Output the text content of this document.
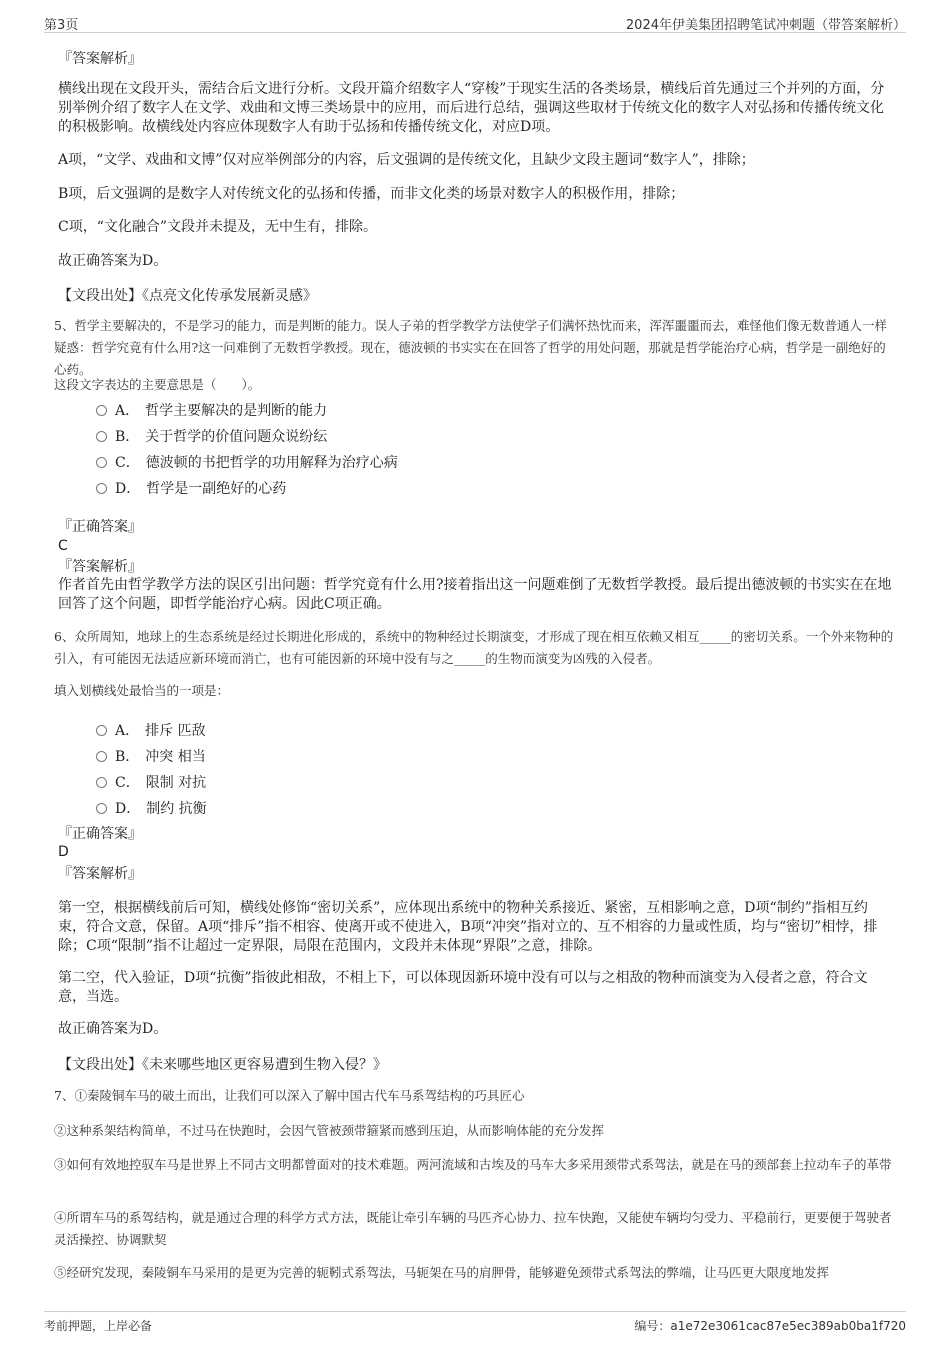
第3页	2024年伊美集团招聘笔试冲刺题（带答案解析）
『答案解析』
横线出现在文段开头，需结合后文进行分析。文段开篇介绍数字人“穿梭”于现实生活的各类场景，横线后首先通过三个并列的方面，分别举例介绍了数字人在文学、戏曲和文博三类场景中的应用，而后进行总结，强调这些取材于传统文化的数字人对弘扬和传播传统文化的积极影响。故横线处内容应体现数字人有助于弘扬和传播传统文化，对应D项。
A项，“文学、戏曲和文博”仅对应举例部分的内容，后文强调的是传统文化，且缺少文段主题词“数字人”，排除；
B项，后文强调的是数字人对传统文化的弘扬和传播，而非文化类的场景对数字人的积极作用，排除；
C项，“文化融合”文段并未提及，无中生有，排除。
故正确答案为D。
【文段出处】《点亮文化传承发展新灵感》
5、哲学主要解决的，不是学习的能力，而是判断的能力。误人子弟的哲学教学方法使学子们满怀热忱而来，浑浑噩噩而去，难怪他们像无数普通人一样疑惑：哲学究竟有什么用?这一问难倒了无数哲学教授。现在，德波顿的书实实在在回答了哲学的用处问题，那就是哲学能治疗心病，哲学是一副绝好的心药。
这段文字表达的主要意思是（　　）。
A． 哲学主要解决的是判断的能力
B． 关于哲学的价值问题众说纷纭
C． 德波顿的书把哲学的功用解释为治疗心病
D． 哲学是一副绝好的心药
『正确答案』
C
『答案解析』
作者首先由哲学教学方法的误区引出问题：哲学究竟有什么用?接着指出这一问题难倒了无数哲学教授。最后提出德波顿的书实实在在地回答了这个问题，即哲学能治疗心病。因此C项正确。
6、众所周知，地球上的生态系统是经过长期进化形成的，系统中的物种经过长期演变，才形成了现在相互依赖又相互_____的密切关系。一个外来物种的引入，有可能因无法适应新环境而消亡，也有可能因新的环境中没有与之_____的生物而演变为凶残的入侵者。
填入划横线处最恰当的一项是：
A． 排斥 匹敌
B． 冲突 相当
C． 限制 对抗
D． 制约 抗衡
『正确答案』
D
『答案解析』
第一空，根据横线前后可知，横线处修饰“密切关系”，应体现出系统中的物种关系接近、紧密，互相影响之意，D项“制约”指相互约束，符合文意，保留。A项“排斥”指不相容、使离开或不使进入，B项“冲突”指对立的、互不相容的力量或性质，均与“密切”相悖，排除；C项“限制”指不让超过一定界限，局限在范围内，文段并未体现“界限”之意，排除。
第二空，代入验证，D项“抗衡”指彼此相敌，不相上下，可以体现因新环境中没有可以与之相敌的物种而演变为入侵者之意，符合文意，当选。
故正确答案为D。
【文段出处】《未来哪些地区更容易遭到生物入侵？》
7、①秦陵铜车马的破土而出，让我们可以深入了解中国古代车马系驾结构的巧具匠心
②这种系架结构简单，不过马在快跑时，会因气管被颈带箍紧而感到压迫，从而影响体能的充分发挥
③如何有效地控驭车马是世界上不同古文明都曾面对的技术难题。两河流域和古埃及的马车大多采用颈带式系驾法，就是在马的颈部套上拉动车子的革带
④所谓车马的系驾结构，就是通过合理的科学方式方法，既能让牵引车辆的马匹齐心协力、拉车快跑，又能使车辆均匀受力、平稳前行，更要便于驾驶者灵活操控、协调默契
⑤经研究发现，秦陵铜车马采用的是更为完善的轭靷式系驾法，马轭架在马的肩胛骨，能够避免颈带式系驾法的弊端，让马匹更大限度地发挥
考前押题，上岸必备	编号：a1e72e3061cac87e5ec389ab0ba1f720
